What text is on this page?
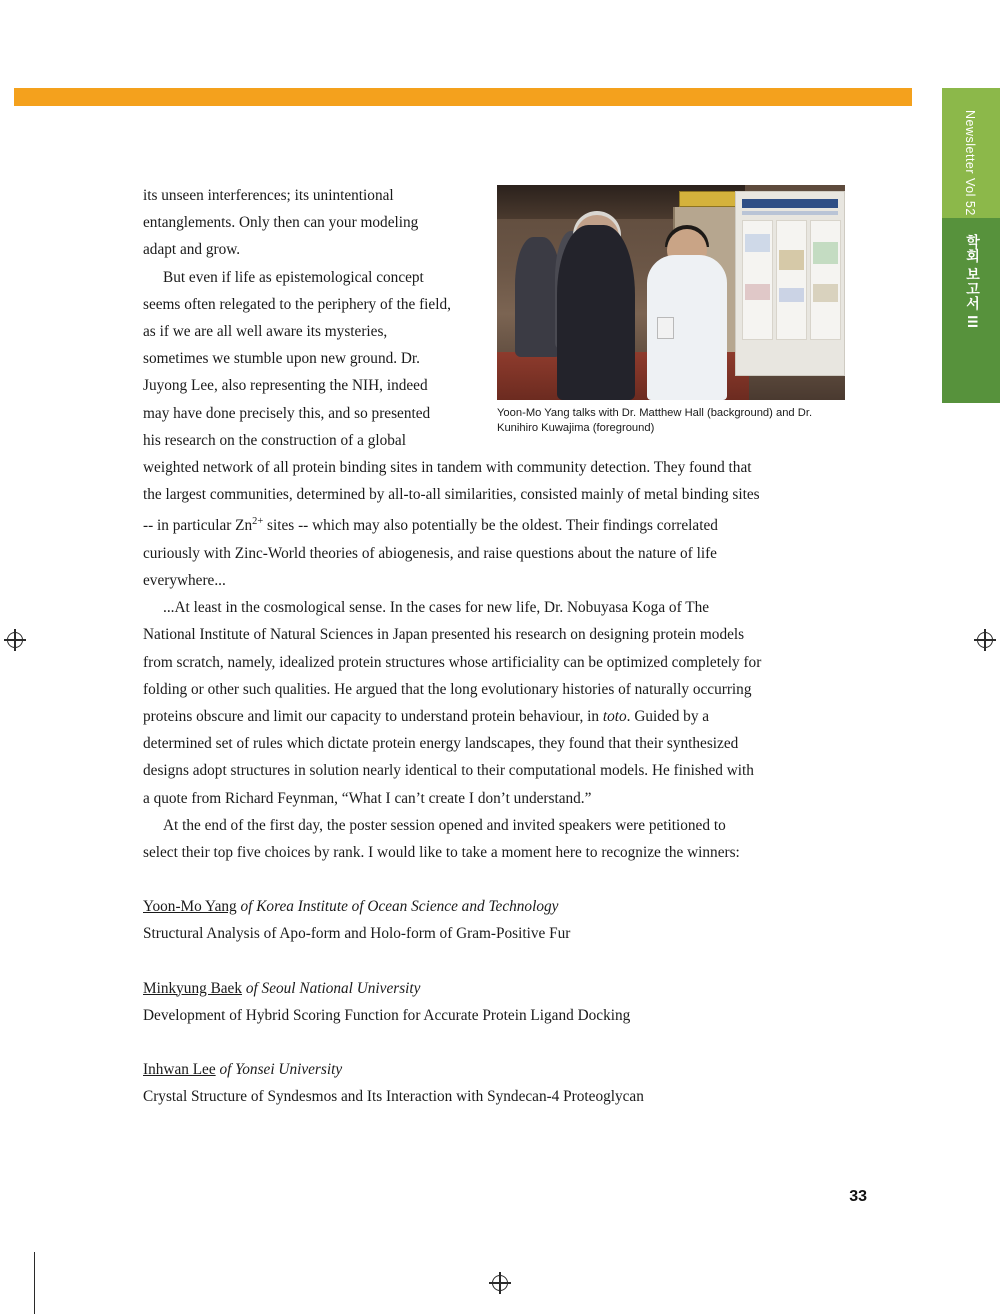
Newsletter Vol 52
학회 보고서 III
Yoon-Mo Yang talks with Dr. Matthew Hall (background) and Dr. Kunihiro Kuwajima (foreground)

its unseen interferences; its unintentional entanglements. Only then can your modeling adapt and grow.

But even if life as epistemological concept seems often relegated to the periphery of the field, as if we are all well aware its mysteries, sometimes we stumble upon new ground. Dr. Juyong Lee, also representing the NIH, indeed may have done precisely this, and so presented his research on the construction of a global weighted network of all protein binding sites in tandem with community detection. They found that the largest communities, determined by all-to-all similarities, consisted mainly of metal binding sites -- in particular $Zn^{2+}$ sites -- which may also potentially be the oldest. Their findings correlated curiously with Zinc-World theories of abiogenesis, and raise questions about the nature of life everywhere...

...At least in the cosmological sense. In the cases for new life, Dr. Nobuyasa Koga of The National Institute of Natural Sciences in Japan presented his research on designing protein models from scratch, namely, idealized protein structures whose artificiality can be optimized completely for folding or other such qualities. He argued that the long evolutionary histories of naturally occurring proteins obscure and limit our capacity to understand protein behaviour, in toto. Guided by a determined set of rules which dictate protein energy landscapes, they found that their synthesized designs adopt structures in solution nearly identical to their computational models. He finished with a quote from Richard Feynman, “What I can’t create I don’t understand.”

At the end of the first day, the poster session opened and invited speakers were petitioned to select their top five choices by rank. I would like to take a moment here to recognize the winners:

Yoon-Mo Yang of Korea Institute of Ocean Science and Technology
Structural Analysis of Apo-form and Holo-form of Gram-Positive Fur

Minkyung Baek of Seoul National University
Development of Hybrid Scoring Function for Accurate Protein Ligand Docking

Inhwan Lee of Yonsei University
Crystal Structure of Syndesmos and Its Interaction with Syndecan-4 Proteoglycan

33
